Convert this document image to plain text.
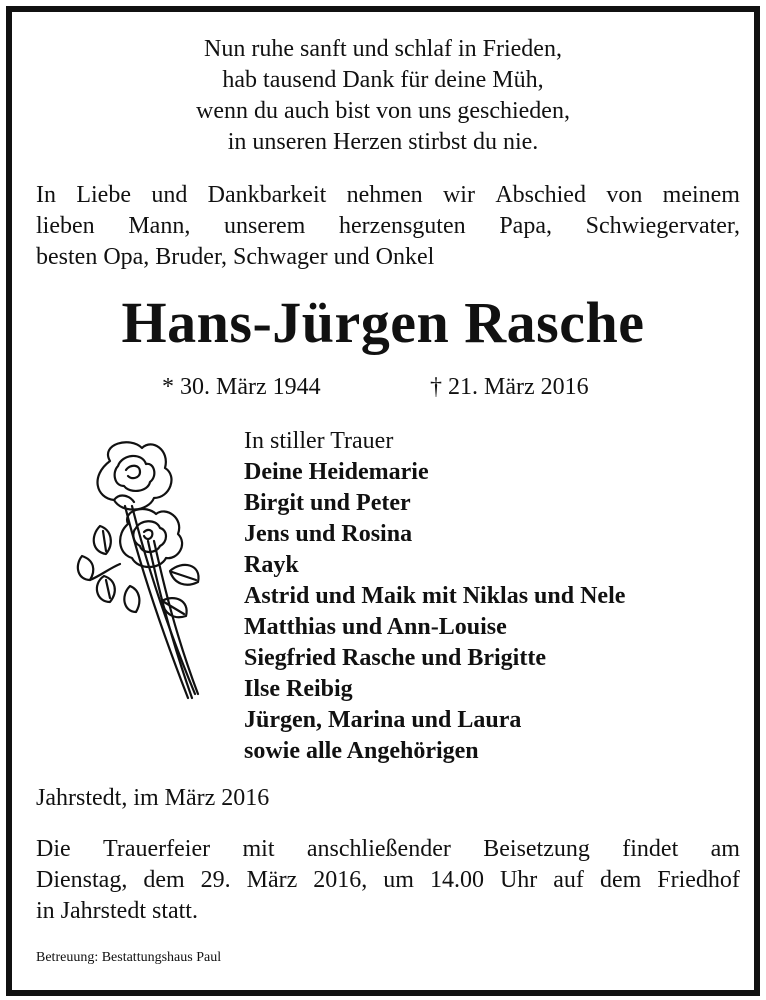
Nun ruhe sanft und schlaf in Frieden,
hab tausend Dank für deine Müh,
wenn du auch bist von uns geschieden,
in unseren Herzen stirbst du nie.
In Liebe und Dankbarkeit nehmen wir Abschied von meinem
lieben Mann, unserem herzensguten Papa, Schwiegervater,
besten Opa, Bruder, Schwager und Onkel
Hans-Jürgen Rasche
* 30. März 1944	† 21. März 2016
In stiller Trauer
Deine Heidemarie
Birgit und Peter
Jens und Rosina
Rayk
Astrid und Maik mit Niklas und Nele
Matthias und Ann-Louise
Siegfried Rasche und Brigitte
Ilse Reibig
Jürgen, Marina und Laura
sowie alle Angehörigen
Jahrstedt, im März 2016
Die Trauerfeier mit anschließender Beisetzung findet am
Dienstag, dem 29. März 2016, um 14.00 Uhr auf dem Friedhof
in Jahrstedt statt.
Betreuung: Bestattungshaus Paul
